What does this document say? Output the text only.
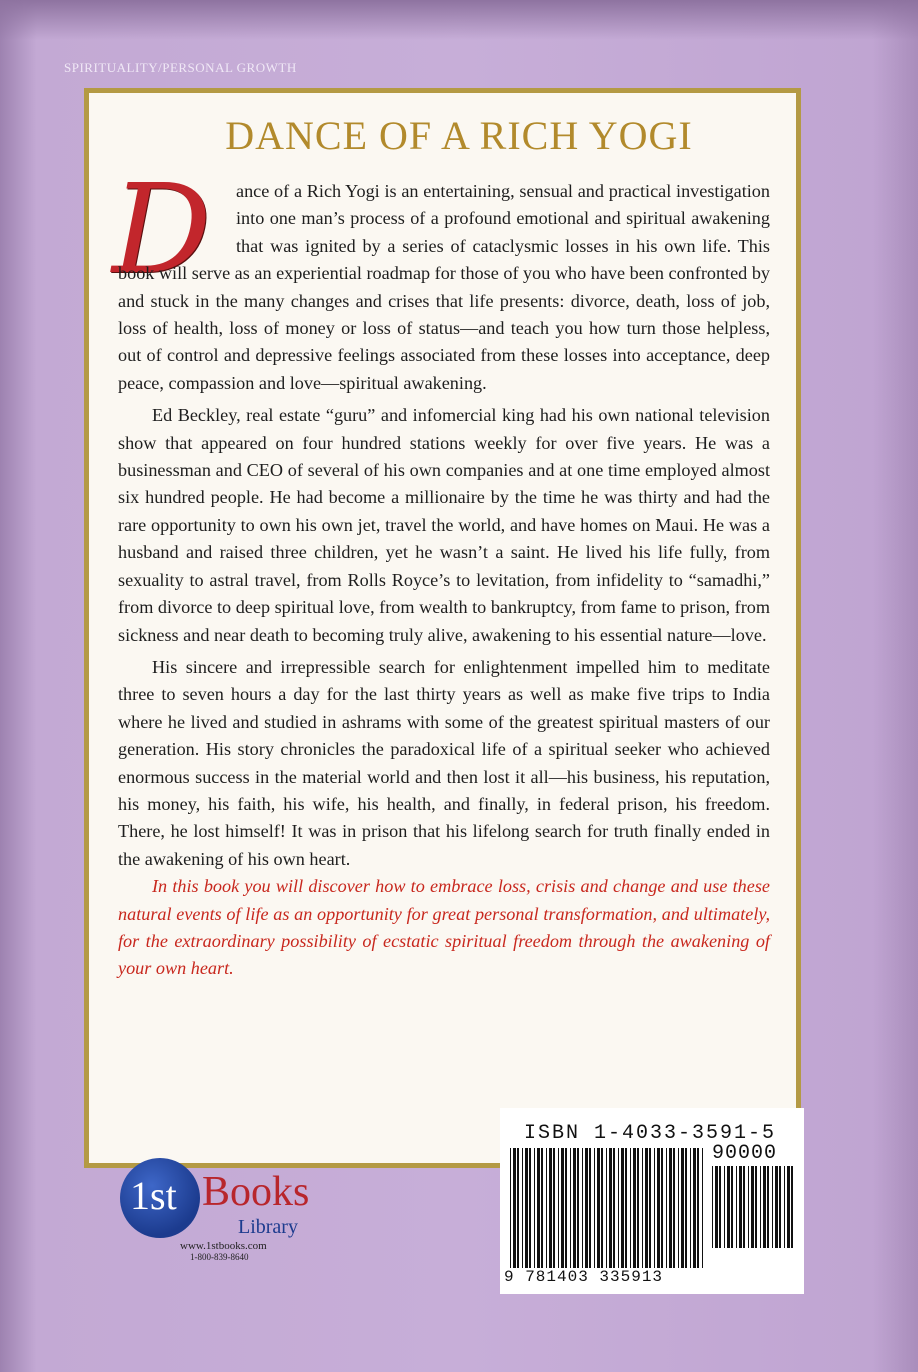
SPIRITUALITY/PERSONAL GROWTH
DANCE OF A RICH YOGI
D	ance of a Rich Yogi is an entertaining, sensual and practical investigation into one man’s process of a profound emotional and spiritual awakening that was ignited by a series of cataclysmic losses in his own life. This book will serve as an experiential roadmap for those of you who have been confronted by and stuck in the many changes and crises that life presents: divorce, death, loss of job, loss of health, loss of money or loss of status—and teach you how turn those helpless, out of control and depressive feelings associated from these losses into acceptance, deep peace, compassion and love—spiritual awakening.

Ed Beckley, real estate “guru” and infomercial king had his own national television show that appeared on four hundred stations weekly for over five years. He was a businessman and CEO of several of his own companies and at one time employed almost six hundred people. He had become a millionaire by the time he was thirty and had the rare opportunity to own his own jet, travel the world, and have homes on Maui. He was a husband and raised three children, yet he wasn’t a saint. He lived his life fully, from sexuality to astral travel, from Rolls Royce’s to levitation, from infidelity to “samadhi,” from divorce to deep spiritual love, from wealth to bankruptcy, from fame to prison, from sickness and near death to becoming truly alive, awakening to his essential nature—love.

His sincere and irrepressible search for enlightenment impelled him to meditate three to seven hours a day for the last thirty years as well as make five trips to India where he lived and studied in ashrams with some of the greatest spiritual masters of our generation. His story chronicles the paradoxical life of a spiritual seeker who achieved enormous success in the material world and then lost it all—his business, his reputation, his money, his faith, his wife, his health, and finally, in federal prison, his freedom. There, he lost himself! It was in prison that his lifelong search for truth finally ended in the awakening of his own heart.

In this book you will discover how to embrace loss, crisis and change and use these natural events of life as an opportunity for great personal transformation, and ultimately, for the extraordinary possibility of ecstatic spiritual freedom through the awakening of your own heart.

1st Books
Library
www.1stbooks.com
1-800-839-8640
ISBN 1-4033-3591-5
90000
9 781403 335913
